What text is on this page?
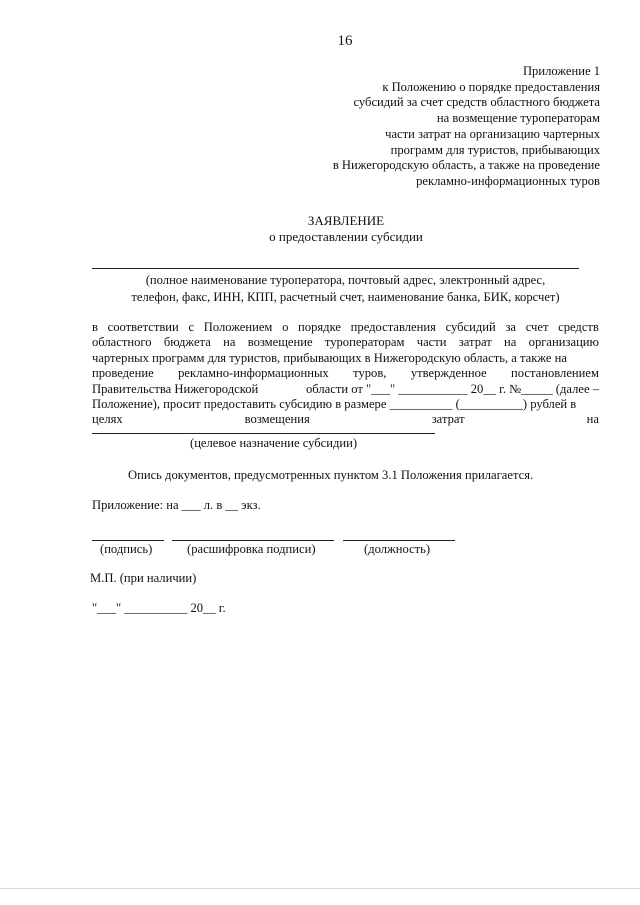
16
Приложение 1
к Положению о порядке предоставления
субсидий за счет средств областного бюджета
на возмещение туроператорам
части затрат на организацию чартерных
программ для туристов, прибывающих
в Нижегородскую область, а также на проведение
рекламно-информационных туров
ЗАЯВЛЕНИЕ
о предоставлении субсидии
(полное наименование туроператора, почтовый адрес, электронный адрес,
телефон, факс, ИНН, КПП, расчетный счет, наименование банка, БИК, корсчет)
в соответствии с Положением о порядке предоставления субсидий за счет средств
областного бюджета на возмещение туроператорам части затрат на организацию
чартерных программ для туристов, прибывающих в Нижегородскую область, а также на
проведение рекламно-информационных туров, утвержденное постановлением
Правительства Нижегородской	области от "___" ___________ 20__ г. №_____ (далее –
Положение), просит предоставить субсидию в размере __________ (__________) рублей в
целях	возмещения	затрат	на
(целевое назначение субсидии)
Опись документов, предусмотренных пунктом 3.1 Положения прилагается.
Приложение: на ___ л. в __ экз.
(подпись)	(расшифровка подписи)	(должность)
М.П. (при наличии)
"___" __________ 20__ г.
